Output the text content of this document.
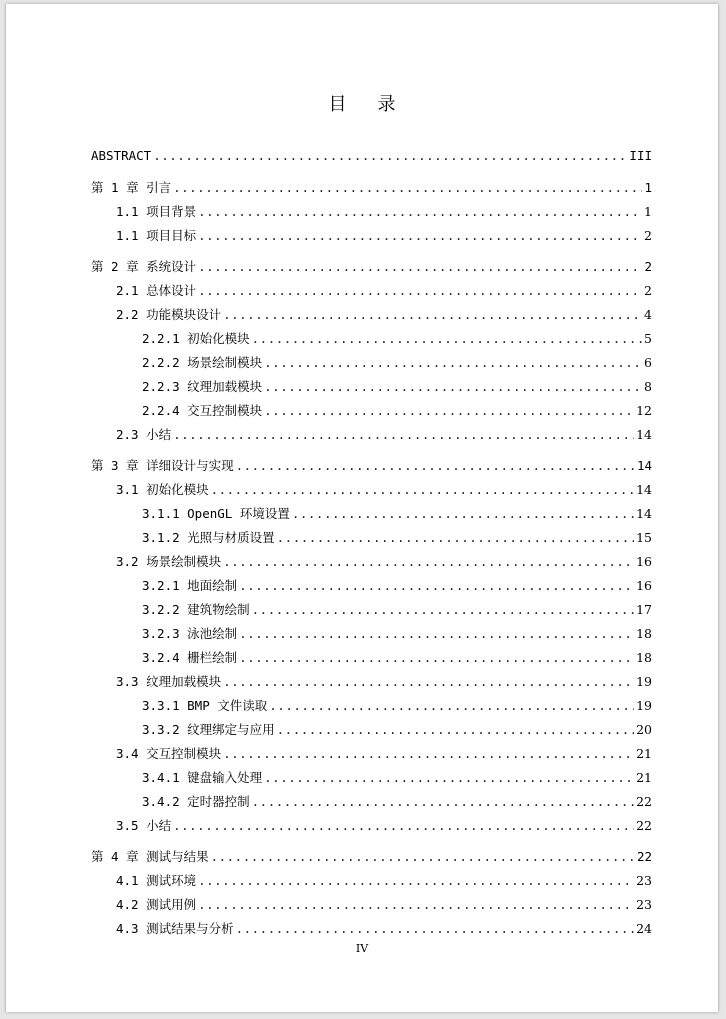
目 录
ABSTRACT .....	III
第 1 章 引言 .....	1
1.1 项目背景 .....	1
1.1 项目目标 .....	2
第 2 章 系统设计 .....	2
2.1 总体设计 .....	2
2.2 功能模块设计 .....	4
2.2.1 初始化模块 .....	5
2.2.2 场景绘制模块 .....	6
2.2.3 纹理加载模块 .....	8
2.2.4 交互控制模块 .....	12
2.3 小结 .....	14
第 3 章 详细设计与实现 .....	14
3.1 初始化模块 .....	14
3.1.1 OpenGL 环境设置 .....	14
3.1.2 光照与材质设置 .....	15
3.2 场景绘制模块 .....	16
3.2.1 地面绘制 .....	16
3.2.2 建筑物绘制 .....	17
3.2.3 泳池绘制 .....	18
3.2.4 栅栏绘制 .....	18
3.3 纹理加载模块 .....	19
3.3.1 BMP 文件读取 .....	19
3.3.2 纹理绑定与应用 .....	20
3.4 交互控制模块 .....	21
3.4.1 键盘输入处理 .....	21
3.4.2 定时器控制 .....	22
3.5 小结 .....	22
第 4 章 测试与结果 .....	22
4.1 测试环境 .....	23
4.2 测试用例 .....	23
4.3 测试结果与分析 .....	24
IV
